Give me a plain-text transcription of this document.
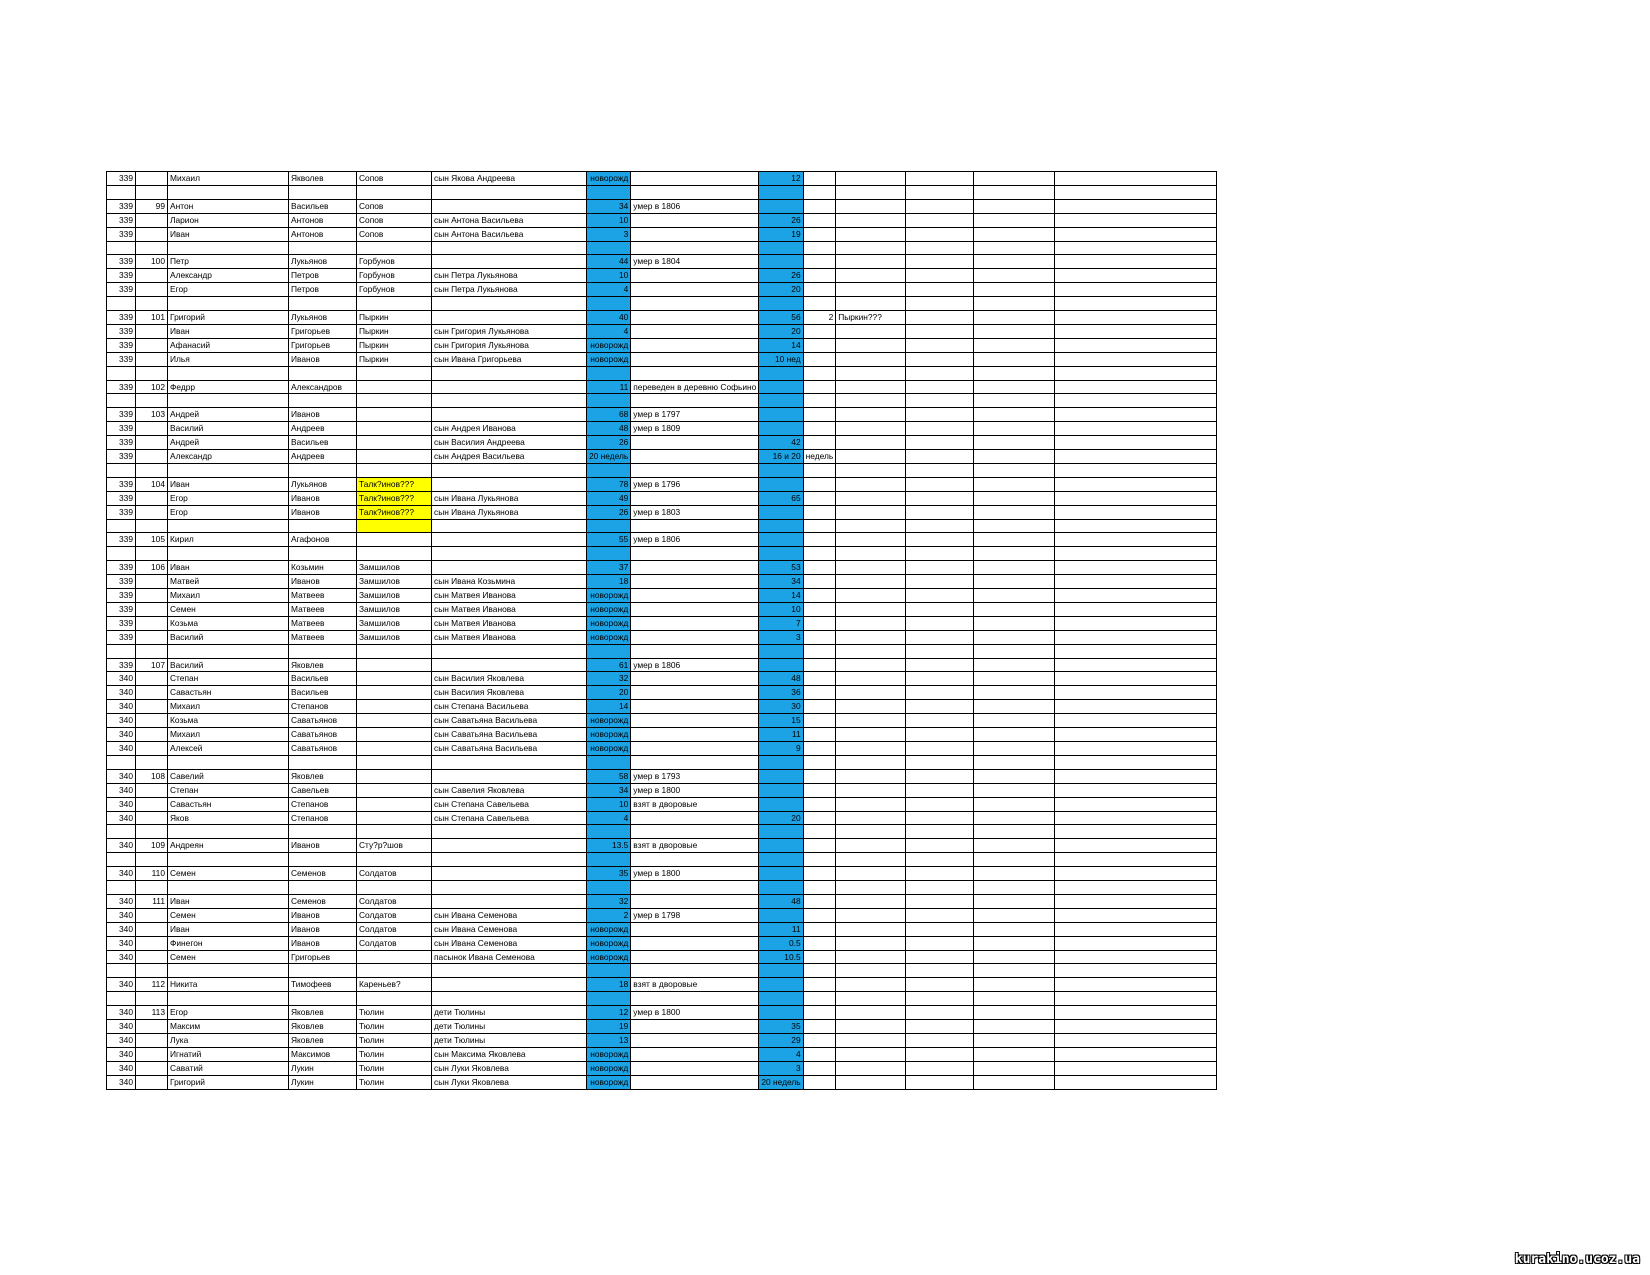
339		Михаил	Якволев	Сопов	сын Якова Андреева	новорожд		12					

339	99	Антон	Васильев	Сопов		34	умер в 1806						
339		Ларион	Антонов	Сопов	сын Антона Васильева	10		26					
339		Иван	Антонов	Сопов	сын Антона Васильева	3		19					

339	100	Петр	Лукьянов	Горбунов		44	умер в 1804						
339		Александр	Петров	Горбунов	сын Петра Лукьянова	10		26					
339		Егор	Петров	Горбунов	сын Петра Лукьянова	4		20					

339	101	Григорий	Лукьянов	Пыркин		40		56	2	Пыркин???			
339		Иван	Григорьев	Пыркин	сын Григория Лукьянова	4		20					
339		Афанасий	Григорьев	Пыркин	сын Григория Лукьянова	новорожд		14					
339		Илья	Иванов	Пыркин	сын Ивана Григорьева	новорожд		10 нед					

339	102	Федрр	Александров			11	переведен в деревню Софьино						

339	103	Андрей	Иванов			68	умер в 1797						
339		Василий	Андреев		сын Андрея Иванова	48	умер в 1809						
339		Андрей	Васильев		сын Василия Андреева	26		42					
339		Александр	Андреев		сын Андрея Васильева	20 недель		16 и 20	недель				

339	104	Иван	Лукьянов	Талк?инов???		78	умер в 1796						
339		Егор	Иванов	Талк?инов???	сын Ивана Лукьянова	49		65					
339		Егор	Иванов	Талк?инов???	сын Ивана Лукьянова	26	умер в 1803						

339	105	Кирил	Агафонов			55	умер в 1806						

339	106	Иван	Козьмин	Замшилов		37		53					
339		Матвей	Иванов	Замшилов	сын Ивана Козьмина	18		34					
339		Михаил	Матвеев	Замшилов	сын Матвея Иванова	новорожд		14					
339		Семен	Матвеев	Замшилов	сын Матвея Иванова	новорожд		10					
339		Козьма	Матвеев	Замшилов	сын Матвея Иванова	новорожд		7					
339		Василий	Матвеев	Замшилов	сын Матвея Иванова	новорожд		3					

339	107	Василий	Яковлев			61	умер в 1806						
340		Степан	Васильев		сын Василия Яковлева	32		48					
340		Савастьян	Васильев		сын Василия Яковлева	20		36					
340		Михаил	Степанов		сын Степана Васильева	14		30					
340		Козьма	Саватьянов		сын Саватьяна Васильева	новорожд		15					
340		Михаил	Саватьянов		сын Саватьяна Васильева	новорожд		11					
340		Алексей	Саватьянов		сын Саватьяна Васильева	новорожд		9					

340	108	Савелий	Яковлев			58	умер в 1793						
340		Степан	Савельев		сын Савелия Яковлева	34	умер в 1800						
340		Савастьян	Степанов		сын Степана Савельева	10	взят в дворовые						
340		Яков	Степанов		сын Степана Савельева	4		20					

340	109	Андреян	Иванов	Сту?р?шов		13.5	взят в дворовые						

340	110	Семен	Семенов	Солдатов		35	умер в 1800						

340	111	Иван	Семенов	Солдатов		32		48					
340		Семен	Иванов	Солдатов	сын Ивана Семенова	2	умер в 1798						
340		Иван	Иванов	Солдатов	сын Ивана Семенова	новорожд		11					
340		Финегон	Иванов	Солдатов	сын Ивана Семенова	новорожд		0.5					
340		Семен	Григорьев		пасынок Ивана Семенова	новорожд		10.5					

340	112	Никита	Тимофеев	Кареньев?		18	взят в дворовые						

340	113	Егор	Яковлев	Тюлин	дети Тюлины	12	умер в 1800						
340		Максим	Яковлев	Тюлин	дети Тюлины	19		35					
340		Лука	Яковлев	Тюлин	дети Тюлины	13		29					
340		Игнатий	Максимов	Тюлин	сын Максима Яковлева	новорожд		4					
340		Саватий	Лукин	Тюлин	сын Луки Яковлева	новорожд		3					
340		Григорий	Лукин	Тюлин	сын Луки Яковлева	новорожд		20 недель					
kurakino.ucoz.ua
